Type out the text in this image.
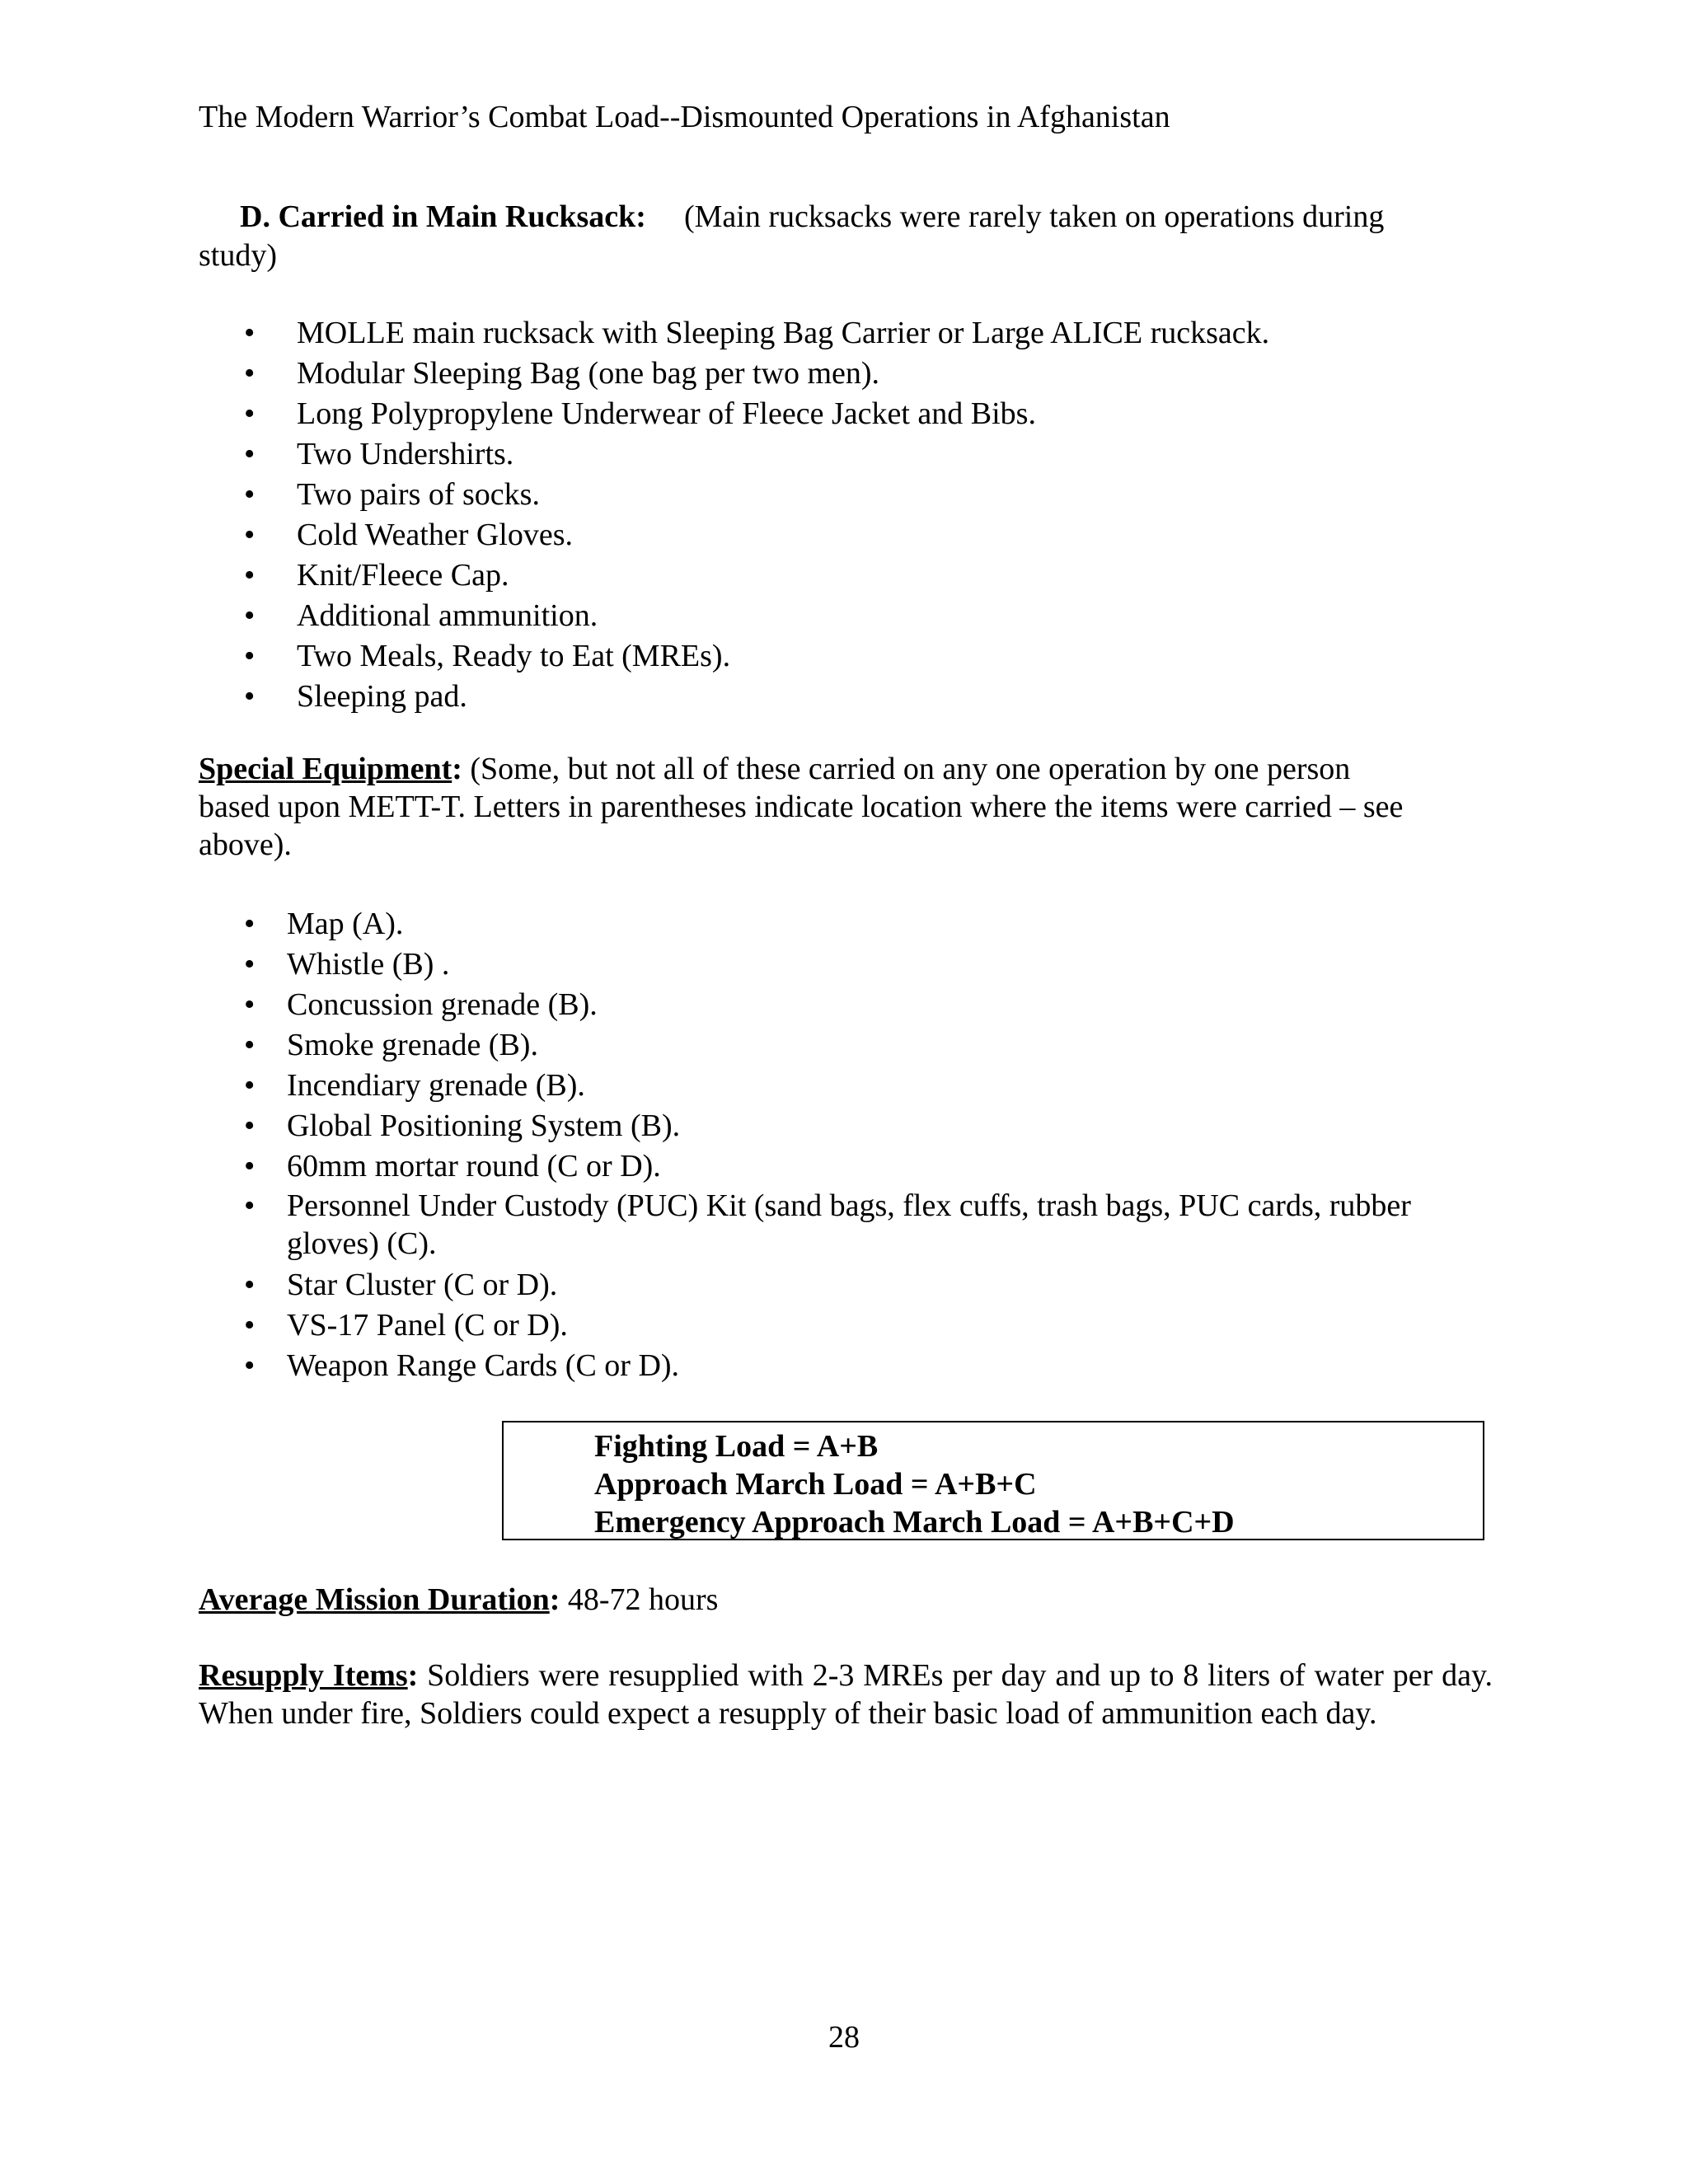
The Modern Warrior’s Combat Load--Dismounted Operations in Afghanistan
D. Carried in Main Rucksack: (Main rucksacks were rarely taken on operations during
study)
• MOLLE main rucksack with Sleeping Bag Carrier or Large ALICE rucksack.
• Modular Sleeping Bag (one bag per two men).
• Long Polypropylene Underwear of Fleece Jacket and Bibs.
• Two Undershirts.
• Two pairs of socks.
• Cold Weather Gloves.
• Knit/Fleece Cap.
• Additional ammunition.
• Two Meals, Ready to Eat (MREs).
• Sleeping pad.
Special Equipment: (Some, but not all of these carried on any one operation by one person
based upon METT-T. Letters in parentheses indicate location where the items were carried – see
above).
• Map (A).
• Whistle (B) .
• Concussion grenade (B).
• Smoke grenade (B).
• Incendiary grenade (B).
• Global Positioning System (B).
• 60mm mortar round (C or D).
• Personnel Under Custody (PUC) Kit (sand bags, flex cuffs, trash bags, PUC cards, rubber gloves) (C).
• Star Cluster (C or D).
• VS-17 Panel (C or D).
• Weapon Range Cards (C or D).
Fighting Load = A+B
Approach March Load = A+B+C
Emergency Approach March Load = A+B+C+D
Average Mission Duration: 48-72 hours
Resupply Items: Soldiers were resupplied with 2-3 MREs per day and up to 8 liters of water per day. When under fire, Soldiers could expect a resupply of their basic load of ammunition each day.
28
